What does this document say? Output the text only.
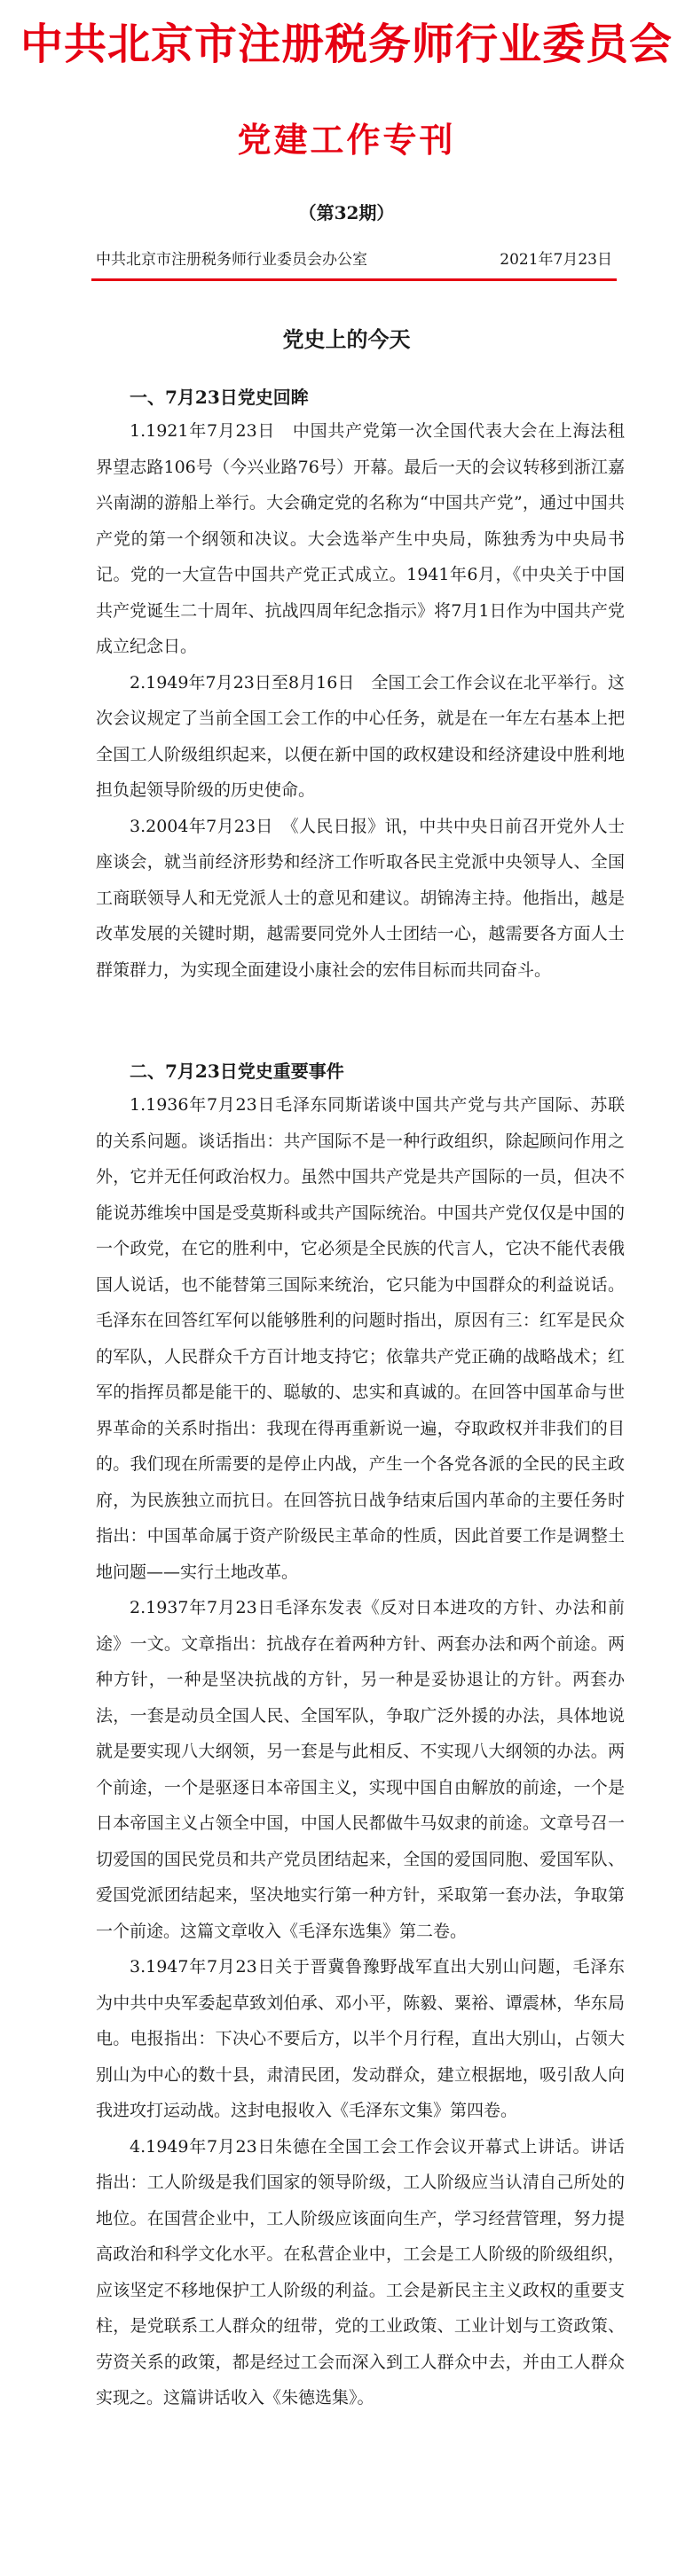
中共北京市注册税务师行业委员会
党建工作专刊
（第32期）
中共北京市注册税务师行业委员会办公室	2021年7月23日
党史上的今天
一、7月23日党史回眸

1.1921年7月23日　中国共产党第一次全国代表大会在上海法租界望志路106号（今兴业路76号）开幕。最后一天的会议转移到浙江嘉兴南湖的游船上举行。大会确定党的名称为“中国共产党”，通过中国共产党的第一个纲领和决议。大会选举产生中央局，陈独秀为中央局书记。党的一大宣告中国共产党正式成立。1941年6月，《中央关于中国共产党诞生二十周年、抗战四周年纪念指示》将7月1日作为中国共产党成立纪念日。

2.1949年7月23日至8月16日　全国工会工作会议在北平举行。这次会议规定了当前全国工会工作的中心任务，就是在一年左右基本上把全国工人阶级组织起来，以便在新中国的政权建设和经济建设中胜利地担负起领导阶级的历史使命。

3.2004年7月23日　《人民日报》讯，中共中央日前召开党外人士座谈会，就当前经济形势和经济工作听取各民主党派中央领导人、全国工商联领导人和无党派人士的意见和建议。胡锦涛主持。他指出，越是改革发展的关键时期，越需要同党外人士团结一心，越需要各方面人士群策群力，为实现全面建设小康社会的宏伟目标而共同奋斗。

二、7月23日党史重要事件

1.1936年7月23日毛泽东同斯诺谈中国共产党与共产国际、苏联的关系问题。谈话指出：共产国际不是一种行政组织，除起顾问作用之外，它并无任何政治权力。虽然中国共产党是共产国际的一员，但决不能说苏维埃中国是受莫斯科或共产国际统治。中国共产党仅仅是中国的一个政党，在它的胜利中，它必须是全民族的代言人，它决不能代表俄国人说话，也不能替第三国际来统治，它只能为中国群众的利益说话。毛泽东在回答红军何以能够胜利的问题时指出，原因有三：红军是民众的军队，人民群众千方百计地支持它；依靠共产党正确的战略战术；红军的指挥员都是能干的、聪敏的、忠实和真诚的。在回答中国革命与世界革命的关系时指出：我现在得再重新说一遍，夺取政权并非我们的目的。我们现在所需要的是停止内战，产生一个各党各派的全民的民主政府，为民族独立而抗日。在回答抗日战争结束后国内革命的主要任务时指出：中国革命属于资产阶级民主革命的性质，因此首要工作是调整土地问题——实行土地改革。

2.1937年7月23日毛泽东发表《反对日本进攻的方针、办法和前途》一文。文章指出：抗战存在着两种方针、两套办法和两个前途。两种方针，一种是坚决抗战的方针，另一种是妥协退让的方针。两套办法，一套是动员全国人民、全国军队，争取广泛外援的办法，具体地说就是要实现八大纲领，另一套是与此相反、不实现八大纲领的办法。两个前途，一个是驱逐日本帝国主义，实现中国自由解放的前途，一个是日本帝国主义占领全中国，中国人民都做牛马奴隶的前途。文章号召一切爱国的国民党员和共产党员团结起来，全国的爱国同胞、爱国军队、爱国党派团结起来，坚决地实行第一种方针，采取第一套办法，争取第一个前途。这篇文章收入《毛泽东选集》第二卷。

3.1947年7月23日关于晋冀鲁豫野战军直出大别山问题，毛泽东为中共中央军委起草致刘伯承、邓小平，陈毅、粟裕、谭震林，华东局电。电报指出：下决心不要后方，以半个月行程，直出大别山，占领大别山为中心的数十县，肃清民团，发动群众，建立根据地，吸引敌人向我进攻打运动战。这封电报收入《毛泽东文集》第四卷。

4.1949年7月23日朱德在全国工会工作会议开幕式上讲话。讲话指出：工人阶级是我们国家的领导阶级，工人阶级应当认清自己所处的地位。在国营企业中，工人阶级应该面向生产，学习经营管理，努力提高政治和科学文化水平。在私营企业中，工会是工人阶级的阶级组织，应该坚定不移地保护工人阶级的利益。工会是新民主主义政权的重要支柱，是党联系工人群众的纽带，党的工业政策、工业计划与工资政策、劳资关系的政策，都是经过工会而深入到工人群众中去，并由工人群众实现之。这篇讲话收入《朱德选集》。
